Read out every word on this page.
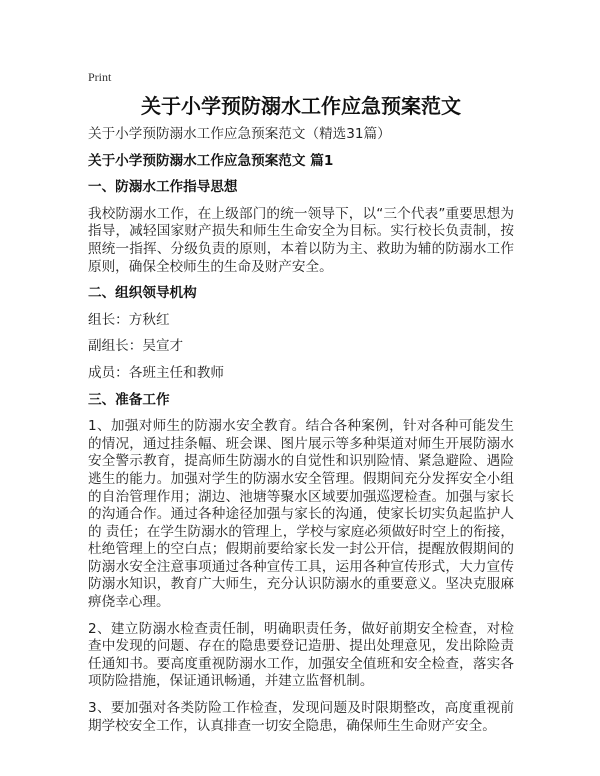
Print
关于小学预防溺水工作应急预案范文

关于小学预防溺水工作应急预案范文（精选31篇）

关于小学预防溺水工作应急预案范文 篇1

一、防溺水工作指导思想

我校防溺水工作，在上级部门的统一领导下，以“三个代表”重要思想为指导，减轻国家财产损失和师生生命安全为目标。实行校长负责制，按照统一指挥、分级负责的原则，本着以防为主、救助为辅的防溺水工作原则，确保全校师生的生命及财产安全。

二、组织领导机构

组长：方秋红

副组长：吴宣才

成员：各班主任和教师

三、准备工作

1、加强对师生的防溺水安全教育。结合各种案例，针对各种可能发生的情况，通过挂条幅、班会课、图片展示等多种渠道对师生开展防溺水安全警示教育，提高师生防溺水的自觉性和识别险情、紧急避险、遇险逃生的能力。加强对学生的防溺水安全管理。假期间充分发挥安全小组的自治管理作用；湖边、池塘等聚水区域要加强巡逻检查。加强与家长的沟通合作。通过各种途径加强与家长的沟通，使家长切实负起监护人的 责任；在学生防溺水的管理上，学校与家庭必须做好时空上的衔接，杜绝管理上的空白点；假期前要给家长发一封公开信，提醒放假期间的防溺水安全注意事项通过各种宣传工具，运用各种宣传形式，大力宣传防溺水知识，教育广大师生，充分认识防溺水的重要意义。坚决克服麻痹侥幸心理。

2、建立防溺水检查责任制，明确职责任务，做好前期安全检查，对检查中发现的问题、存在的隐患要登记造册、提出处理意见，发出除险责任通知书。要高度重视防溺水工作，加强安全值班和安全检查，落实各项防险措施，保证通讯畅通，并建立监督机制。

3、要加强对各类防险工作检查，发现问题及时限期整改，高度重视前期学校安全工作，认真排查一切安全隐患，确保师生生命财产安全。
